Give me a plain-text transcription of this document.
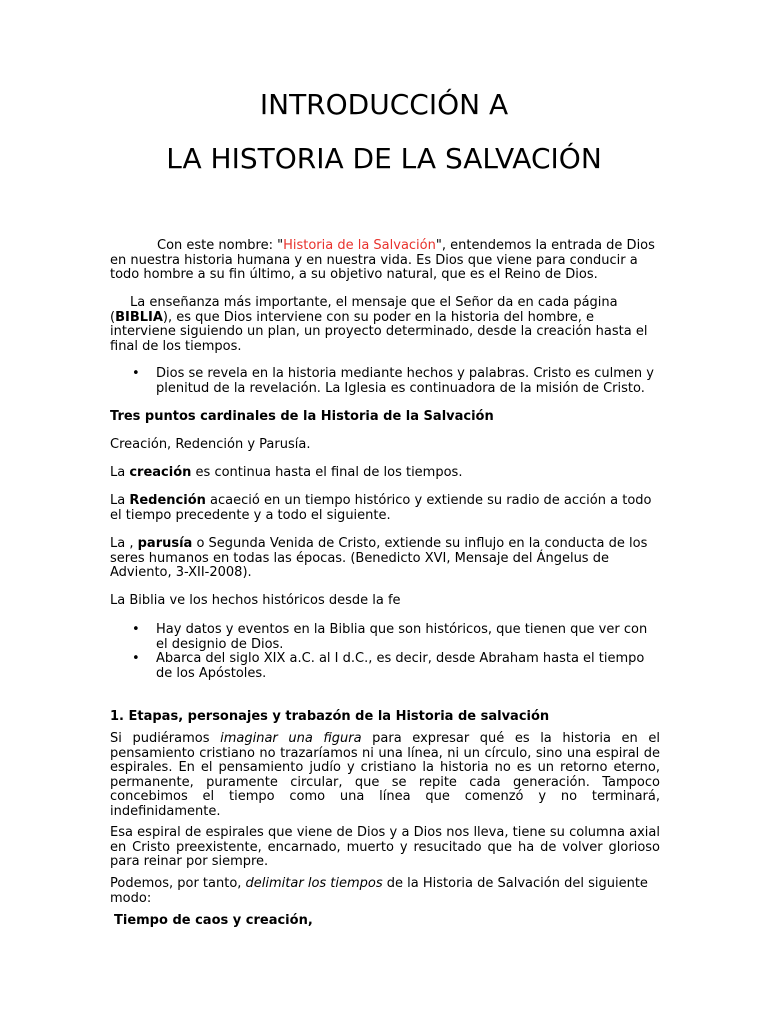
INTRODUCCIÓN A
LA HISTORIA DE LA SALVACIÓN

Con este nombre: "Historia de la Salvación", entendemos la entrada de Dios en nuestra historia humana y en nuestra vida. Es Dios que viene para conducir a todo hombre a su fin último, a su objetivo natural, que es el Reino de Dios.

La enseñanza más importante, el mensaje que el Señor da en cada página (BIBLIA), es que Dios interviene con su poder en la historia del hombre, e interviene siguiendo un plan, un proyecto determinado, desde la creación hasta el final de los tiempos.

• Dios se revela en la historia mediante hechos y palabras. Cristo es culmen y plenitud de la revelación. La Iglesia es continuadora de la misión de Cristo.

Tres puntos cardinales de la Historia de la Salvación

Creación, Redención y Parusía.

La creación es continua hasta el final de los tiempos.

La Redención acaeció en un tiempo histórico y extiende su radio de acción a todo el tiempo precedente y a todo el siguiente.

La , parusía o Segunda Venida de Cristo, extiende su influjo en la conducta de los seres humanos en todas las épocas. (Benedicto XVI, Mensaje del Ángelus de Adviento, 3-XII-2008).

La Biblia ve los hechos históricos desde la fe

• Hay datos y eventos en la Biblia que son históricos, que tienen que ver con el designio de Dios.
• Abarca del siglo XIX a.C. al I d.C., es decir, desde Abraham hasta el tiempo de los Apóstoles.

1. Etapas, personajes y trabazón de la Historia de salvación

Si pudiéramos imaginar una figura para expresar qué es la historia en el pensamiento cristiano no trazaríamos ni una línea, ni un círculo, sino una espiral de espirales. En el pensamiento judío y cristiano la historia no es un retorno eterno, permanente, puramente circular, que se repite cada generación. Tampoco concebimos el tiempo como una línea que comenzó y no terminará, indefinidamente.

Esa espiral de espirales que viene de Dios y a Dios nos lleva, tiene su columna axial en Cristo preexistente, encarnado, muerto y resucitado que ha de volver glorioso para reinar por siempre.

Podemos, por tanto, delimitar los tiempos de la Historia de Salvación del siguiente modo:

Tiempo de caos y creación,
